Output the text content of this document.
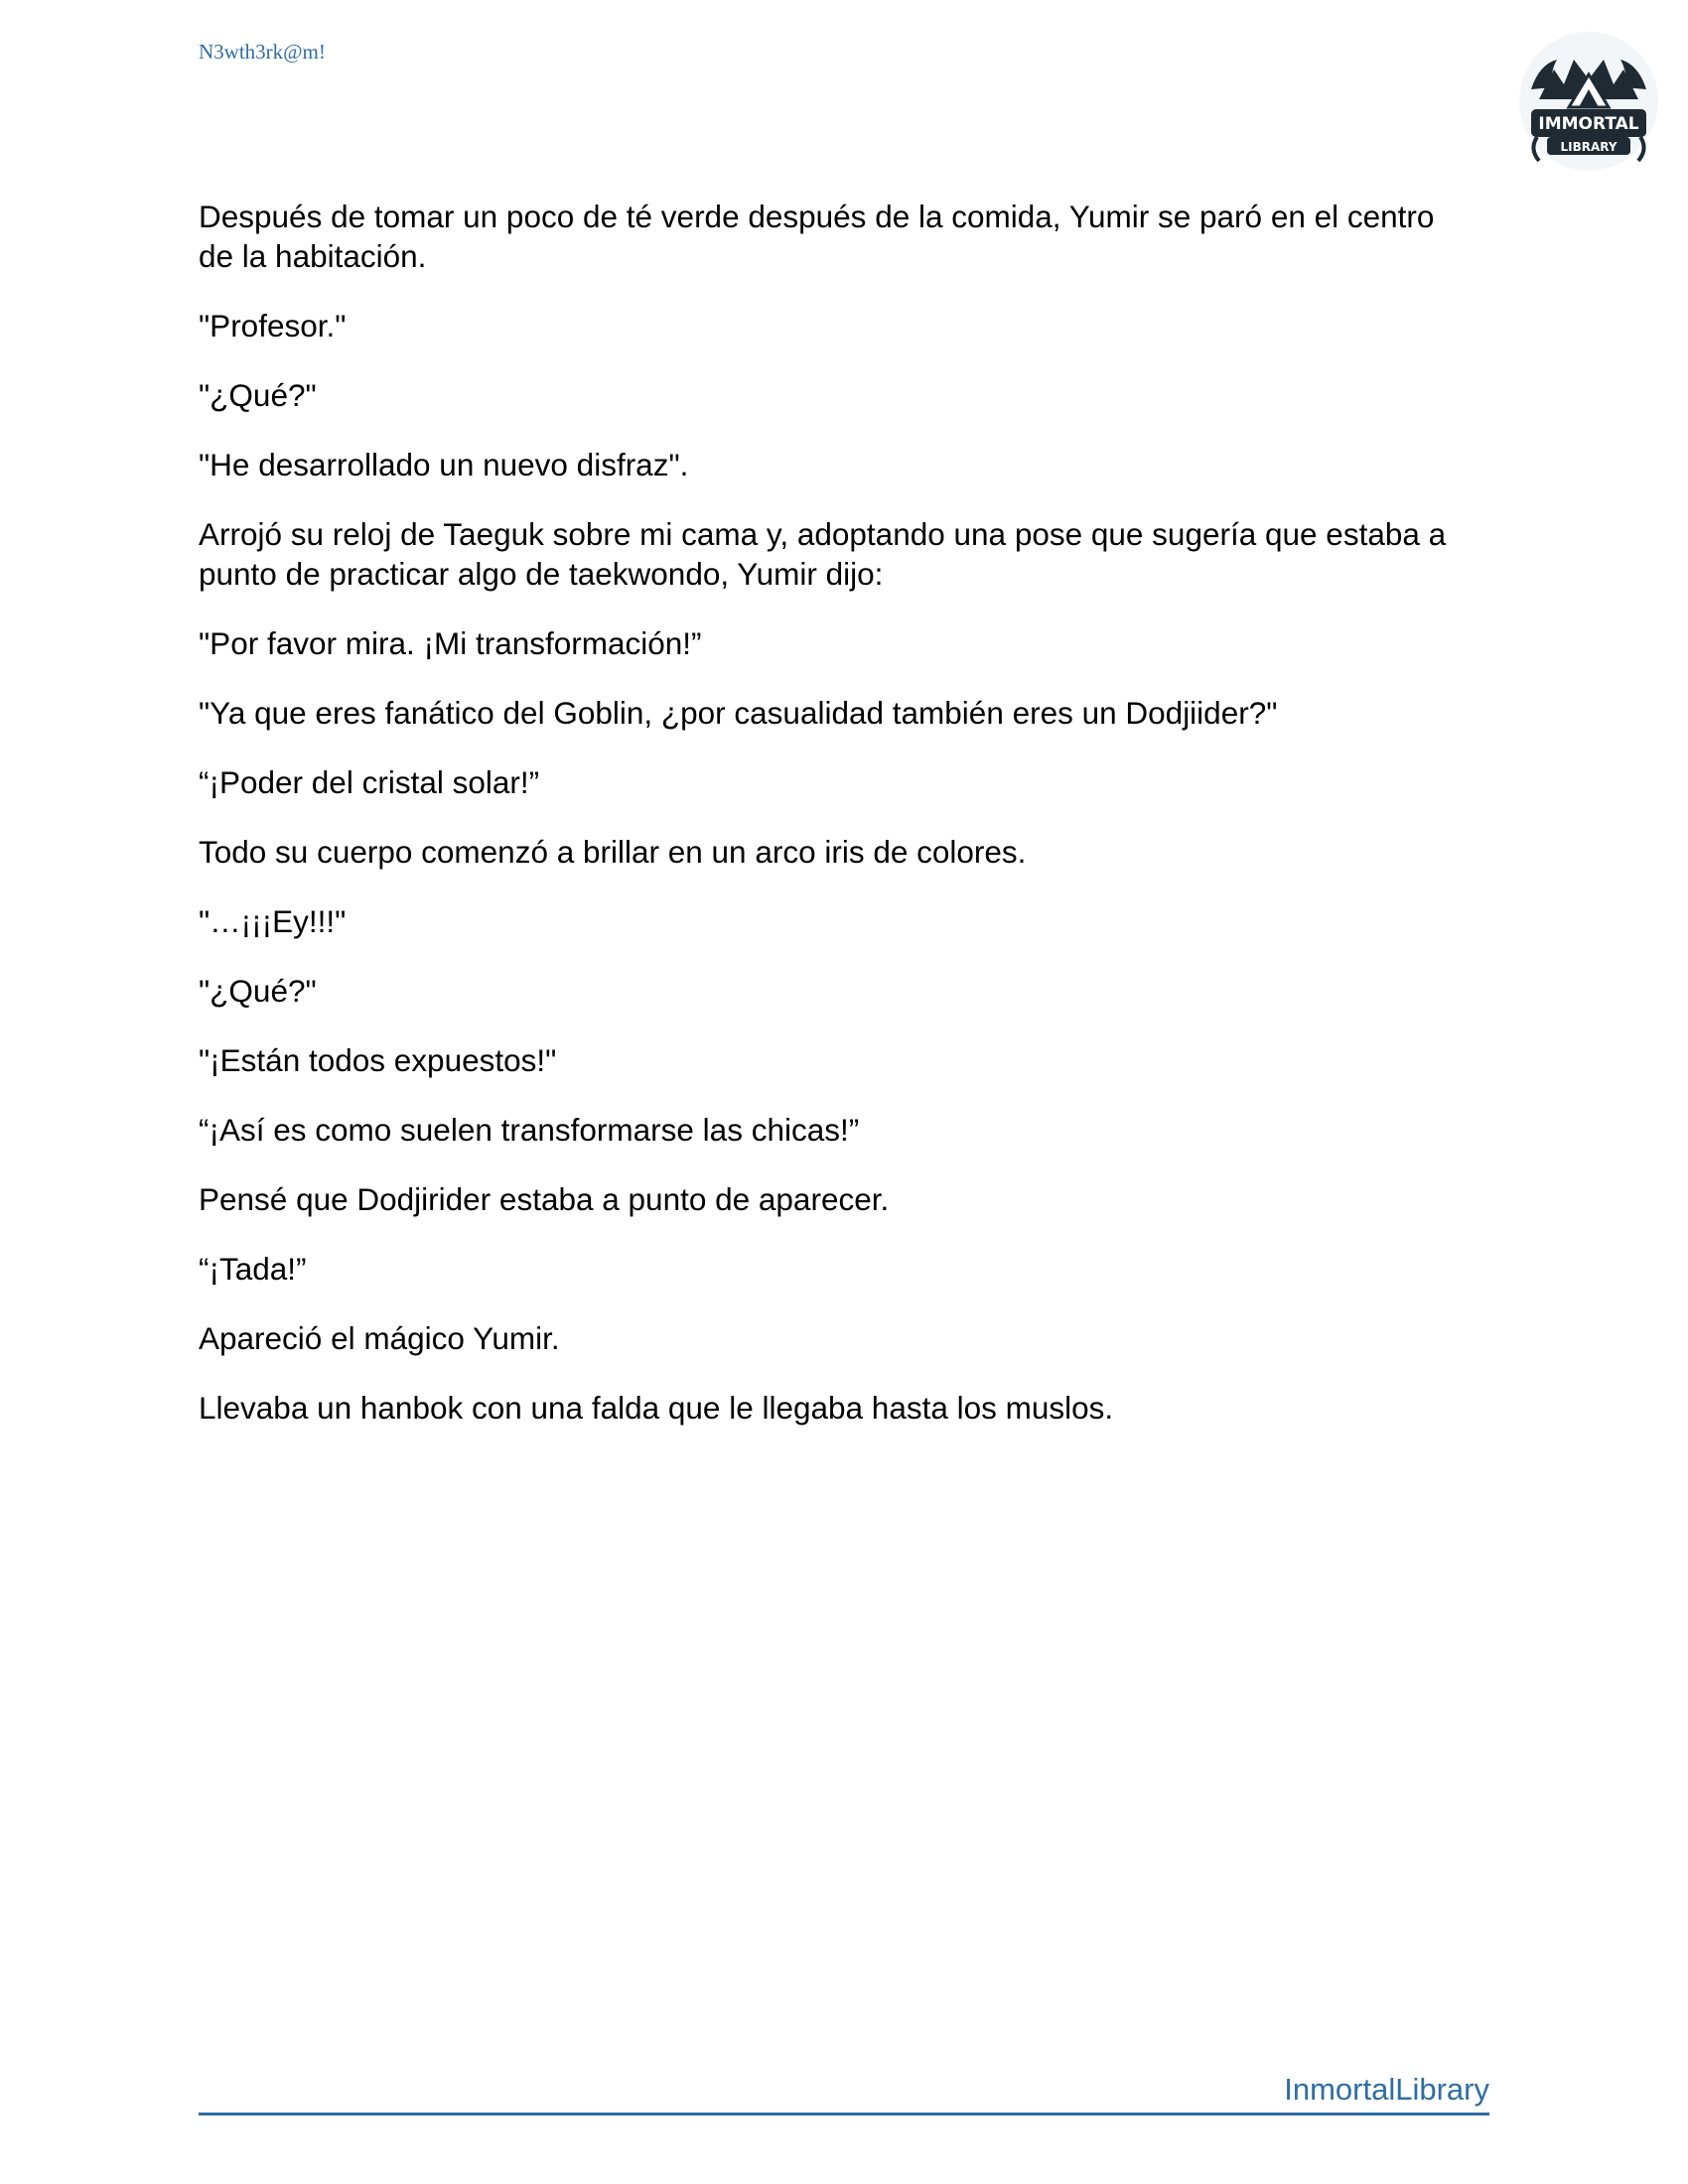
N3wth3rk@m!
IMMORTAL
LIBRARY

Después de tomar un poco de té verde después de la comida, Yumir se paró en el centro de la habitación.

"Profesor."

"¿Qué?"

"He desarrollado un nuevo disfraz".

Arrojó su reloj de Taeguk sobre mi cama y, adoptando una pose que sugería que estaba a punto de practicar algo de taekwondo, Yumir dijo:

"Por favor mira. ¡Mi transformación!”

"Ya que eres fanático del Goblin, ¿por casualidad también eres un Dodjiider?"

“¡Poder del cristal solar!”

Todo su cuerpo comenzó a brillar en un arco iris de colores.

"…¡¡¡Ey!!!"

"¿Qué?"

"¡Están todos expuestos!"

“¡Así es como suelen transformarse las chicas!”

Pensé que Dodjirider estaba a punto de aparecer.

“¡Tada!”

Apareció el mágico Yumir.

Llevaba un hanbok con una falda que le llegaba hasta los muslos.

InmortalLibrary
